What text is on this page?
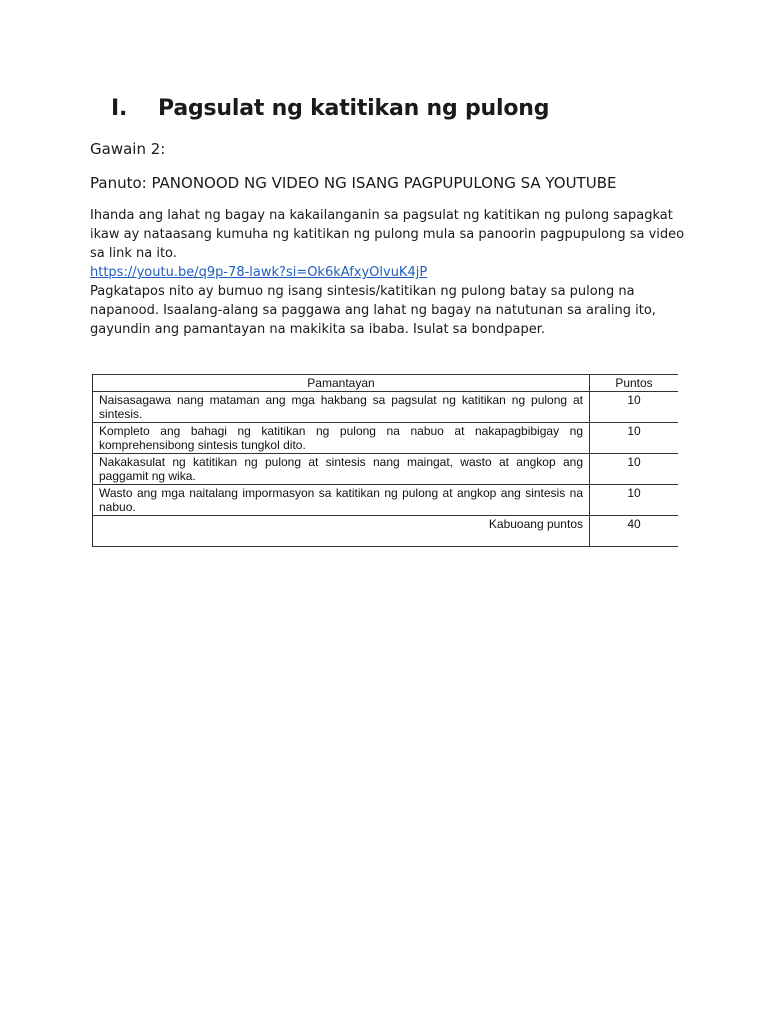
I.	Pagsulat ng katitikan ng pulong
Gawain 2:
Panuto: PANONOOD NG VIDEO NG ISANG PAGPUPULONG SA YOUTUBE
Ihanda ang lahat ng bagay na kakailanganin sa pagsulat ng katitikan ng pulong sapagkat ikaw ay nataasang kumuha ng katitikan ng pulong mula sa panoorin pagpupulong sa video sa link na ito.
https://youtu.be/q9p-78-lawk?si=Ok6kAfxyOlvuK4jP
Pagkatapos nito ay bumuo ng isang sintesis/katitikan ng pulong batay sa pulong na napanood. Isaalang-alang sa paggawa ang lahat ng bagay na natutunan sa araling ito, gayundin ang pamantayan na makikita sa ibaba. Isulat sa bondpaper.
Pamantayan	Puntos
Naisasagawa nang mataman ang mga hakbang sa pagsulat ng katitikan ng pulong at sintesis.	10
Kompleto ang bahagi ng katitikan ng pulong na nabuo at nakapagbibigay ng komprehensibong sintesis tungkol dito.	10
Nakakasulat ng katitikan ng pulong at sintesis nang maingat, wasto at angkop ang paggamit ng wika.	10
Wasto ang mga naitalang impormasyon sa katitikan ng pulong at angkop ang sintesis na nabuo.	10
Kabuoang puntos	40
